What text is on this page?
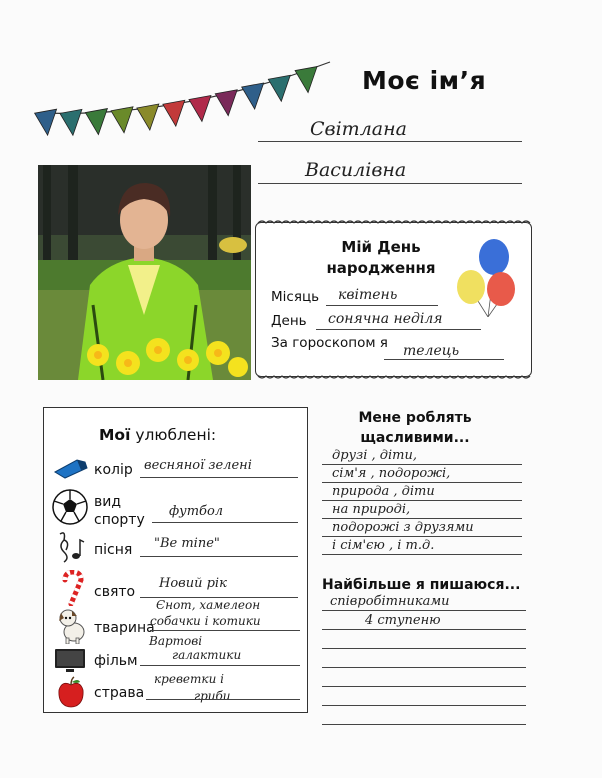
Моє ім’я
Світлана
Василівна
Мій День
народження
Місяць квітень
День сонячна неділя
За гороскопом я телець
Мої улюблені:
колір весняної зелені
вид
спорту
футбол
пісня "Be mine"
свято
Новий рік
тварина
Єнот, хамелеон
собачки і котики
фільм
Вартові
галактики
страва
креветки і
гриби
Мене роблять
щасливими...
друзі , діти,
сім'я , подорожі,
природа , діти
на природі,
подорожі з друзями
і сім'єю , і т.д.
Найбільше я пишаюся...
співробітниками
4 ступеню
